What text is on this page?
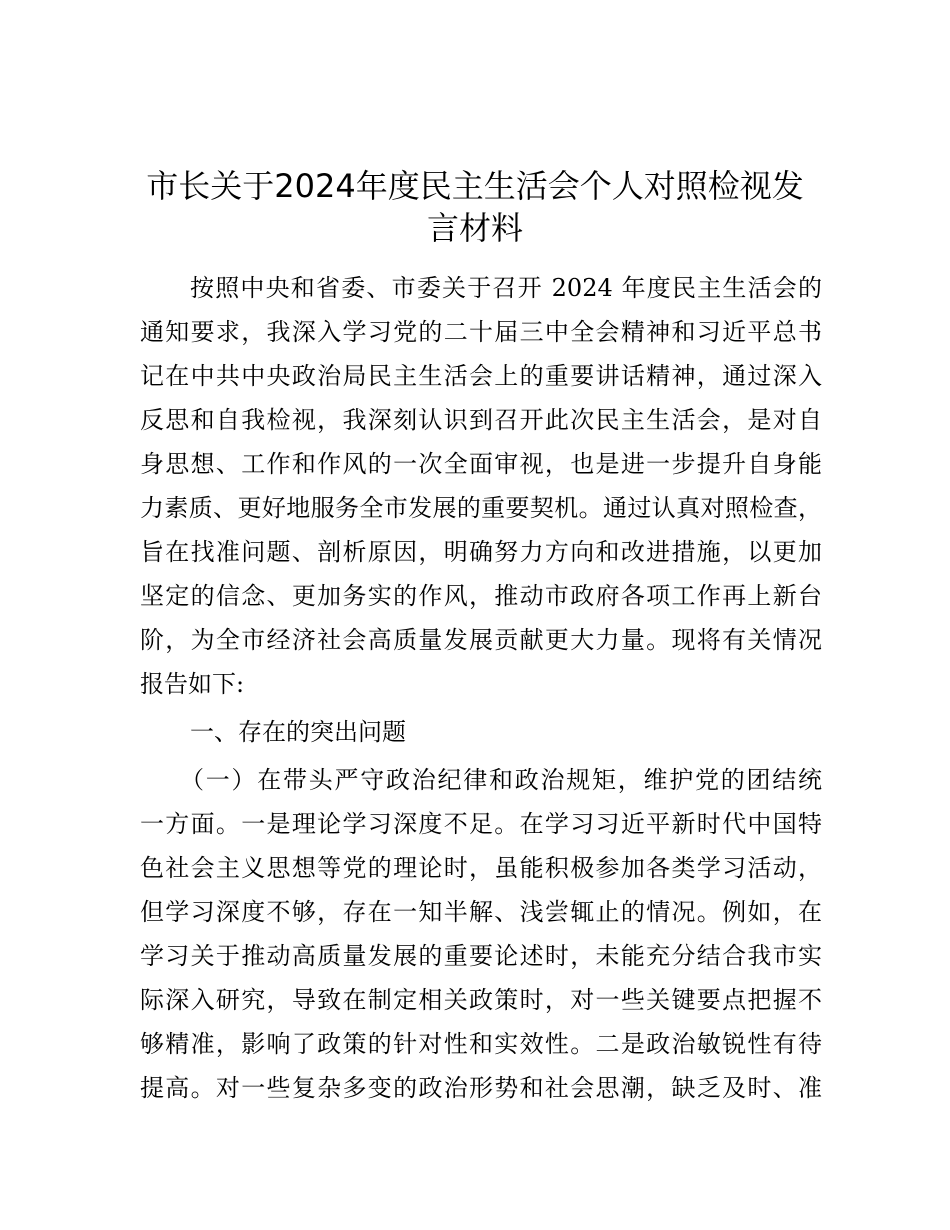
市长关于2024年度民主生活会个人对照检视发
言材料
按照中央和省委、市委关于召开 2024 年度民主生活会的
通知要求，我深入学习党的二十届三中全会精神和习近平总书
记在中共中央政治局民主生活会上的重要讲话精神，通过深入
反思和自我检视，我深刻认识到召开此次民主生活会，是对自
身思想、工作和作风的一次全面审视，也是进一步提升自身能
力素质、更好地服务全市发展的重要契机。通过认真对照检查，
旨在找准问题、剖析原因，明确努力方向和改进措施，以更加
坚定的信念、更加务实的作风，推动市政府各项工作再上新台
阶，为全市经济社会高质量发展贡献更大力量。现将有关情况
报告如下:
一、存在的突出问题
（一）在带头严守政治纪律和政治规矩，维护党的团结统
一方面。一是理论学习深度不足。在学习习近平新时代中国特
色社会主义思想等党的理论时，虽能积极参加各类学习活动，
但学习深度不够，存在一知半解、浅尝辄止的情况。例如，在
学习关于推动高质量发展的重要论述时，未能充分结合我市实
际深入研究，导致在制定相关政策时，对一些关键要点把握不
够精准，影响了政策的针对性和实效性。二是政治敏锐性有待
提高。对一些复杂多变的政治形势和社会思潮，缺乏及时、准
